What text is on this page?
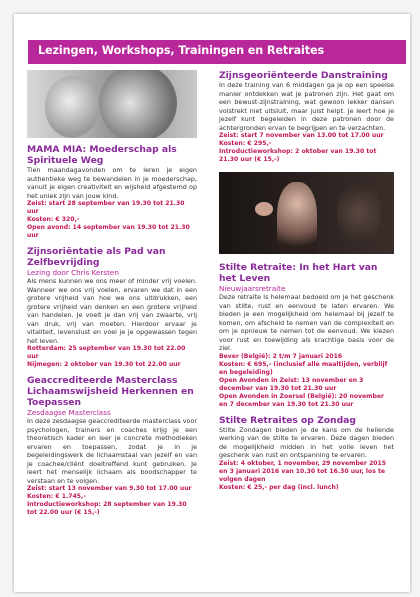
Lezingen, Workshops, Trainingen en Retraites
MAMA MIA: Moederschap als Spirituele Weg
Tien maandagavonden om te leren je eigen authentieke weg te bewandelen in je moederschap, vanuit je eigen creativiteit en wijsheid afgestemd op het uniek zijn van jouw kind.
Zeist: start 28 september van 19.30 tot 21.30 uur
Kosten: € 320,-
Open avond: 14 september van 19.30 tot 21.30 uur
Zijnsoriëntatie als Pad van Zelfbevrijding
Lezing door Chris Kersten
Als mens kunnen we ons meer of minder vrij voelen. Wanneer we ons vrij voelen, ervaren we dat in een grotere vrijheid van hoe we ons uitdrukken, een grotere vrijheid van denken en een grotere vrijheid van handelen. Je voelt je dan vrij van zwaarte, vrij van druk, vrij van moeten. Hierdoor ervaar je vitaliteit, levenslust en voel je je opgewassen tegen het leven.
Rotterdam: 25 september van 19.30 tot 22.00 uur
Nijmegen: 2 oktober van 19.30 tot 22.00 uur
Geaccrediteerde Masterclass Lichaamswijsheid Herkennen en Toepassen
Zesdaagse Masterclass
In deze zesdaagse geaccrediteerde masterclass voor psychologen, trainers en coaches krijg je een theoretisch kader en leer je concrete methodieken ervaren en toepassen, zodat je in je begeleidingswerk de lichaamstaal van jezelf en van je coachee/cliënt doeltreffend kunt gebruiken. Je leert het menselijk lichaam als boodschapper te verstaan en te volgen.
Zeist: start 13 november van 9.30 tot 17.00 uur
Kosten: € 1.745,-
Introductieworkshop: 28 september van 19.30 tot 22.00 uur (€ 15,-)
Zijnsgeoriënteerde Danstraining
In deze training van 6 middagen ga je op een speelse manier ontdekken wat je patronen zijn. Het gaat om een bewust-zijnstraining, wat gewoon lekker dansen volstrekt niet uitsluit, maar juist helpt. Je leert hoe je jezelf kunt begeleiden in deze patronen door de achtergronden ervan te begrijpen en te verzachten.
Zeist: start 7 november van 13.00 tot 17.00 uur
Kosten: € 295,-
Introductieworkshop: 2 oktober van 19.30 tot 21.30 uur (€ 15,-)
Stilte Retraite: In het Hart van het Leven
Nieuwjaarsretraite
Deze retraite is helemaal bedoeld om je het geschenk van stilte, rust en eenvoud te laten ervaren. We bieden je een mogelijkheid om helemaal bij jezelf te komen, om afscheid te nemen van de complexiteit en om je opnieuw te nemen tot de eenvoud. We kiezen voor rust en toewijding als krachtige basis voor de ziel.
Bever (België): 2 t/m 7 januari 2016
Kosten: € 695,- (inclusief alle maaltijden, verblijf en begeleiding)
Open Avonden in Zeist: 13 november en 3 december van 19.30 tot 21.30 uur
Open Avonden in Zoersel (België): 20 november en 7 december van 19.30 tot 21.30 uur
Stilte Retraites op Zondag
Stilte Zondagen bieden je de kans om de heilende werking van de stilte te ervaren. Deze dagen bieden de mogelijkheid midden in het volle leven het geschenk van rust en ontspanning te ervaren.
Zeist: 4 oktober, 1 november, 29 november 2015 en 3 januari 2016 van 10.30 tot 16.30 uur, los te volgen dagen
Kosten: € 25,- per dag (incl. lunch)
